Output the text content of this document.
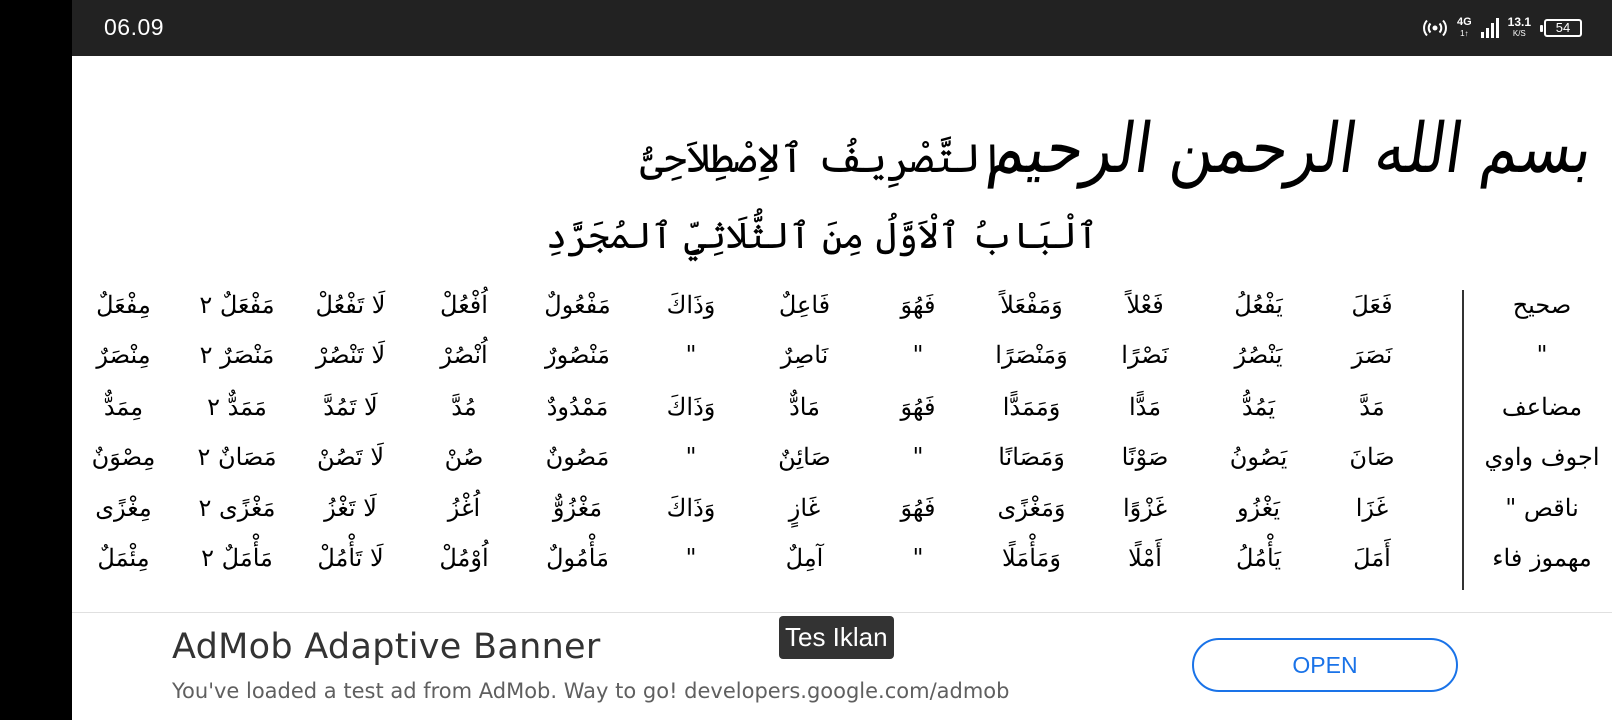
06.09	4G
1↑
13.1
K/S	54
بسم الله الرحمن الرحيم
التَّصْرِيفُ ٱلاِصْطِلاَحِىُّ
ٱلْبَابُ ٱلْاَوَّلُ مِنَ ٱلثُّلَاثِيِّ ٱلمُجَرَّدِ
صحيح
فَعَلَ
يَفْعُلُ
فَعْلاً
وَمَفْعَلاً
فَهُوَ
فَاعِلٌ
وَذَاكَ
مَفْعُولٌ
اُفْعُلْ
لَا تَفْعُلْ
مَفْعَلٌ ٢
مِفْعَلٌ
"
نَصَرَ
يَنْصُرُ
نَصْرًا
وَمَنْصَرًا
"
نَاصِرٌ
"
مَنْصُورٌ
اُنْصُرْ
لَا تَنْصُرْ
مَنْصَرٌ ٢
مِنْصَرٌ
مضاعف
مَدَّ
يَمُدُّ
مَدًّا
وَمَمَدًّا
فَهُوَ
مَادٌّ
وَذَاكَ
مَمْدُودٌ
مُدَّ
لَا تَمُدَّ
مَمَدٌّ ٢
مِمَدٌّ
اجوف واوي
صَانَ
يَصُونُ
صَوْنًا
وَمَصَانًا
"
صَائِنٌ
"
مَصُونٌ
صُنْ
لَا تَصُنْ
مَصَانٌ ٢
مِصْوَنٌ
ناقص "
غَزَا
يَغْزُو
غَزْوًا
وَمَغْزًى
فَهُوَ
غَازٍ
وَذَاكَ
مَغْزُوٌّ
اُغْزُ
لَا تَغْزُ
مَغْزًى ٢
مِغْزًى
مهموز فاء
أَمَلَ
يَأْمُلُ
أَمْلًا
وَمَأْمَلًا
"
آمِلٌ
"
مَأْمُولٌ
اُوْمُلْ
لَا تَأْمُلْ
مَأْمَلٌ ٢
مِئْمَلٌ
AdMob Adaptive Banner
You've loaded a test ad from AdMob. Way to go! developers.google.com/admob
Tes Iklan
OPEN
